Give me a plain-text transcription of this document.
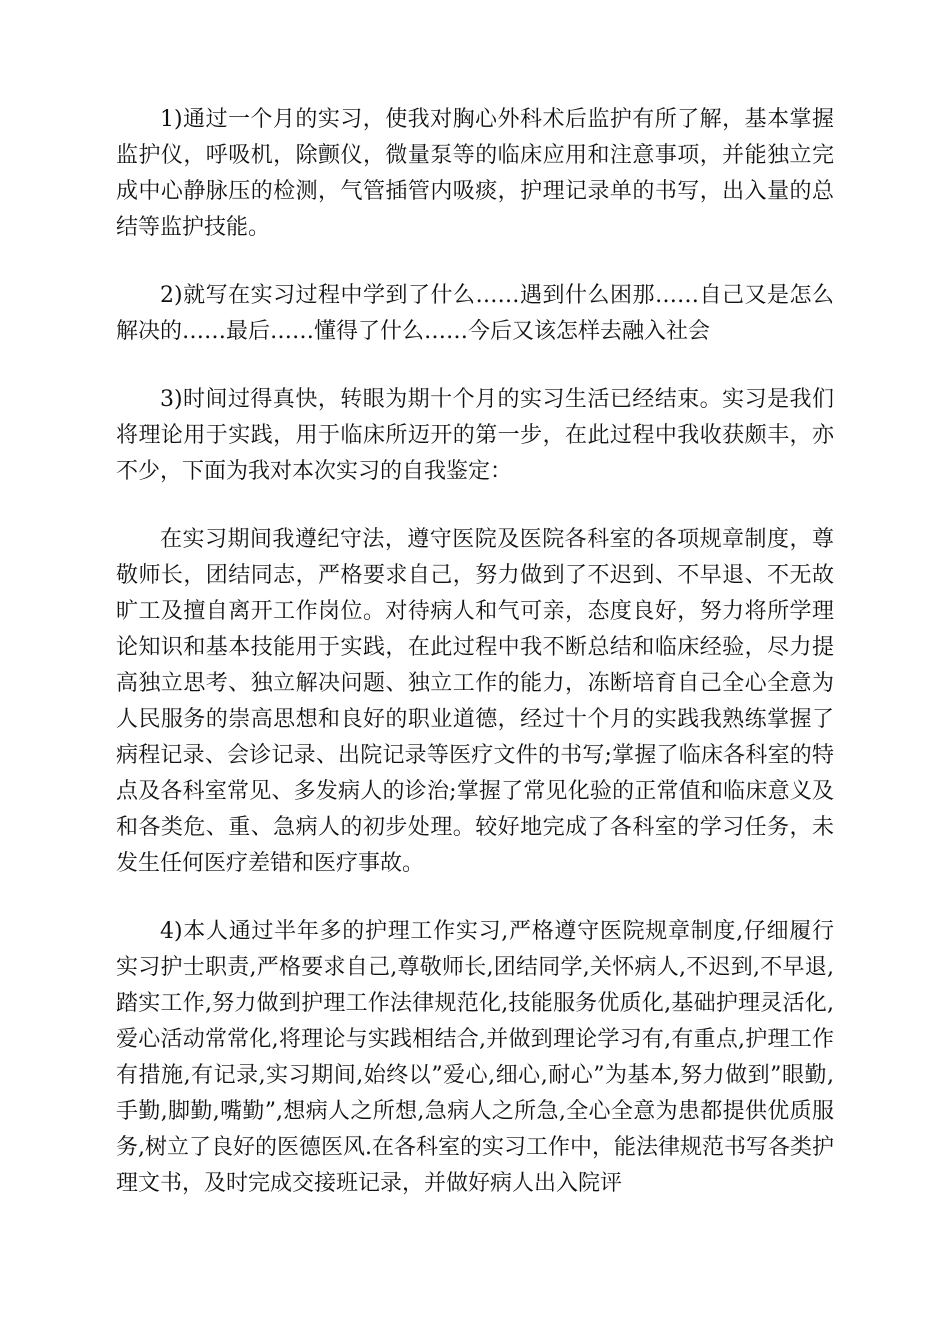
1)通过一个月的实习，使我对胸心外科术后监护有所了解，基本掌握监护仪，呼吸机，除颤仪，微量泵等的临床应用和注意事项，并能独立完成中心静脉压的检测，气管插管内吸痰，护理记录单的书写，出入量的总结等监护技能。

2)就写在实习过程中学到了什么……遇到什么困那……自己又是怎么解决的……最后……懂得了什么……今后又该怎样去融入社会

3)时间过得真快，转眼为期十个月的实习生活已经结束。实习是我们将理论用于实践，用于临床所迈开的第一步，在此过程中我收获颇丰，亦不少，下面为我对本次实习的自我鉴定：

在实习期间我遵纪守法，遵守医院及医院各科室的各项规章制度，尊敬师长，团结同志，严格要求自己，努力做到了不迟到、不早退、不无故旷工及擅自离开工作岗位。对待病人和气可亲，态度良好，努力将所学理论知识和基本技能用于实践，在此过程中我不断总结和临床经验，尽力提高独立思考、独立解决问题、独立工作的能力，冻断培育自己全心全意为人民服务的崇高思想和良好的职业道德，经过十个月的实践我熟练掌握了病程记录、会诊记录、出院记录等医疗文件的书写;掌握了临床各科室的特点及各科室常见、多发病人的诊治;掌握了常见化验的正常值和临床意义及和各类危、重、急病人的初步处理。较好地完成了各科室的学习任务，未发生任何医疗差错和医疗事故。

4)本人通过半年多的护理工作实习,严格遵守医院规章制度,仔细履行实习护士职责,严格要求自己,尊敬师长,团结同学,关怀病人,不迟到,不早退,踏实工作,努力做到护理工作法律规范化,技能服务优质化,基础护理灵活化,爱心活动常常化,将理论与实践相结合,并做到理论学习有,有重点,护理工作有措施,有记录,实习期间,始终以”爱心,细心,耐心”为基本,努力做到”眼勤,手勤,脚勤,嘴勤”,想病人之所想,急病人之所急,全心全意为患都提供优质服务,树立了良好的医德医风.在各科室的实习工作中，能法律规范书写各类护理文书，及时完成交接班记录，并做好病人出入院评
